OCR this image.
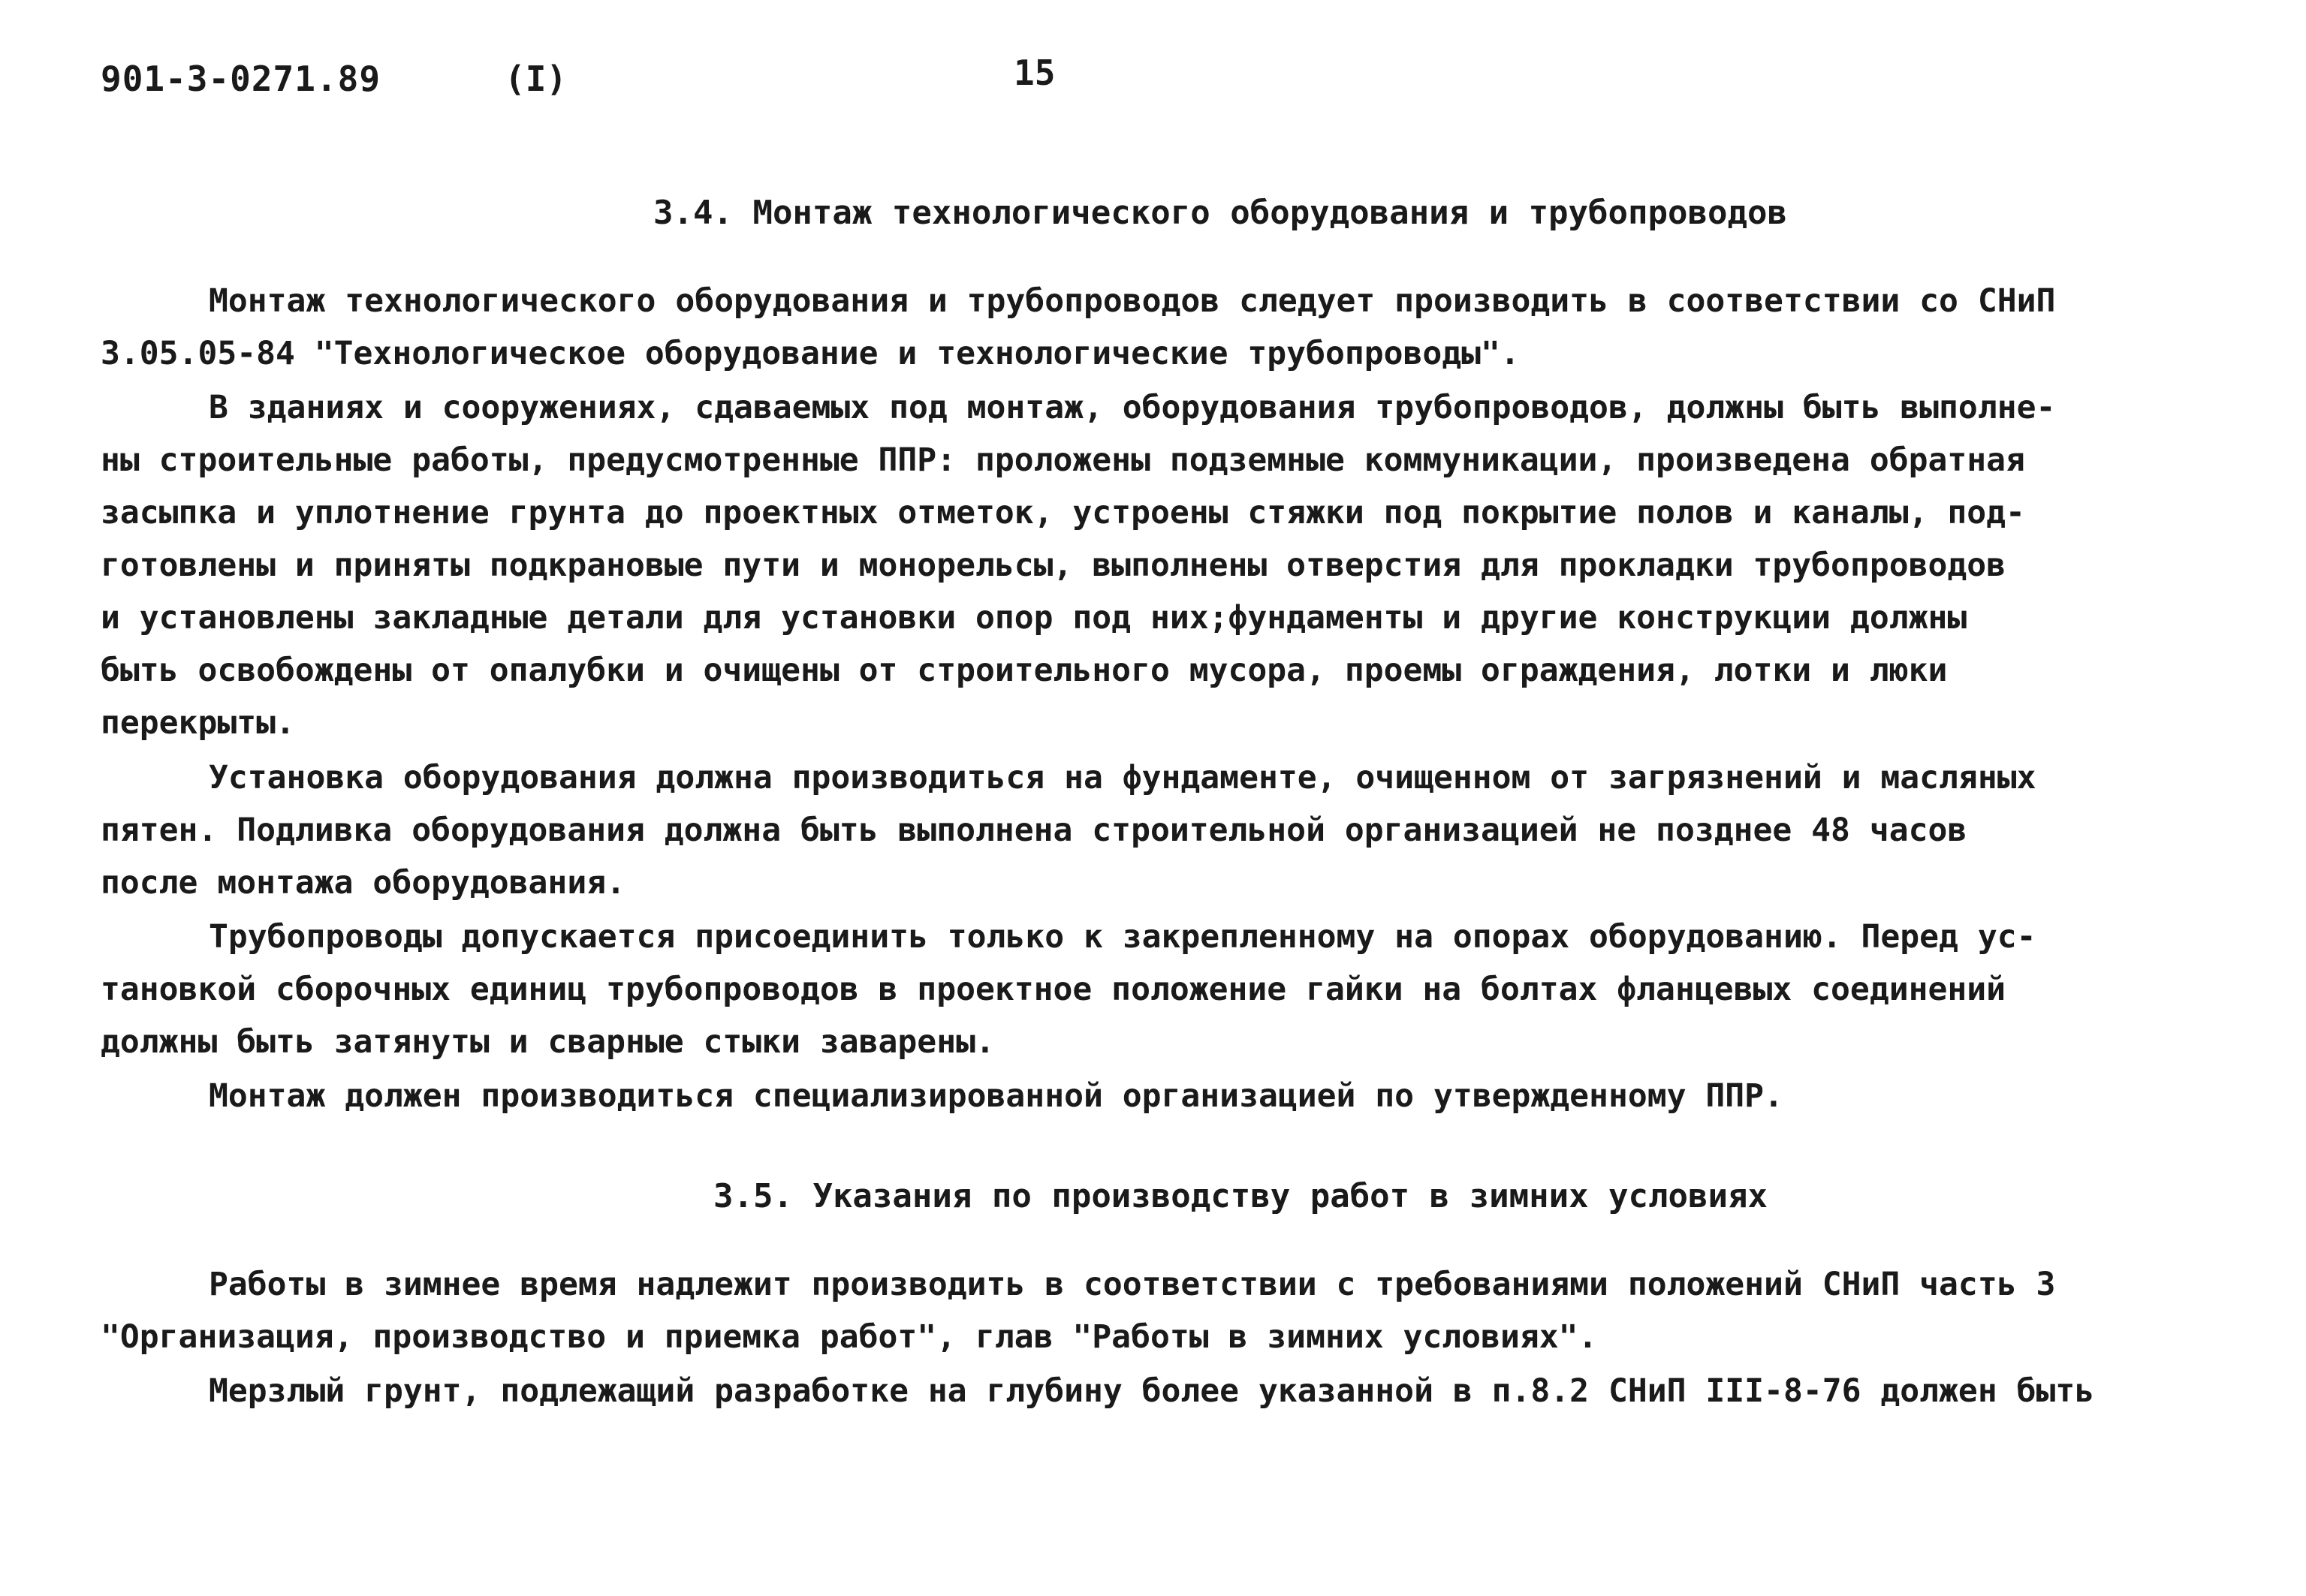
901-3-0271.89	(I)	15
3.4. Монтаж технологического оборудования и трубопроводов
Монтаж технологического оборудования и трубопроводов следует производить в соответствии со СНиП
3.05.05-84 "Технологическое оборудование и технологические трубопроводы".
В зданиях и сооружениях, сдаваемых под монтаж, оборудования трубопроводов, должны быть выполне-
ны строительные работы, предусмотренные ППР: проложены подземные коммуникации, произведена обратная
засыпка и уплотнение грунта до проектных отметок, устроены стяжки под покрытие полов и каналы, под-
готовлены и приняты подкрановые пути и монорельсы, выполнены отверстия для прокладки трубопроводов
и установлены закладные детали для установки опор под них;фундаменты и другие конструкции должны
быть освобождены от опалубки и очищены от строительного мусора, проемы ограждения, лотки и люки
перекрыты.
Установка оборудования должна производиться на фундаменте, очищенном от загрязнений и масляных
пятен. Подливка оборудования должна быть выполнена строительной организацией не позднее 48 часов
после монтажа оборудования.
Трубопроводы допускается присоединить только к закрепленному на опорах оборудованию. Перед ус-
тановкой сборочных единиц трубопроводов в проектное положение гайки на болтах фланцевых соединений
должны быть затянуты и сварные стыки заварены.
Монтаж должен производиться специализированной организацией по утвержденному ППР.
3.5. Указания по производству работ в зимних условиях
Работы в зимнее время надлежит производить в соответствии с требованиями положений СНиП часть 3
"Организация, производство и приемка работ", глав "Работы в зимних условиях".
Мерзлый грунт, подлежащий разработке на глубину более указанной в п.8.2 СНиП III-8-76 должен быть
